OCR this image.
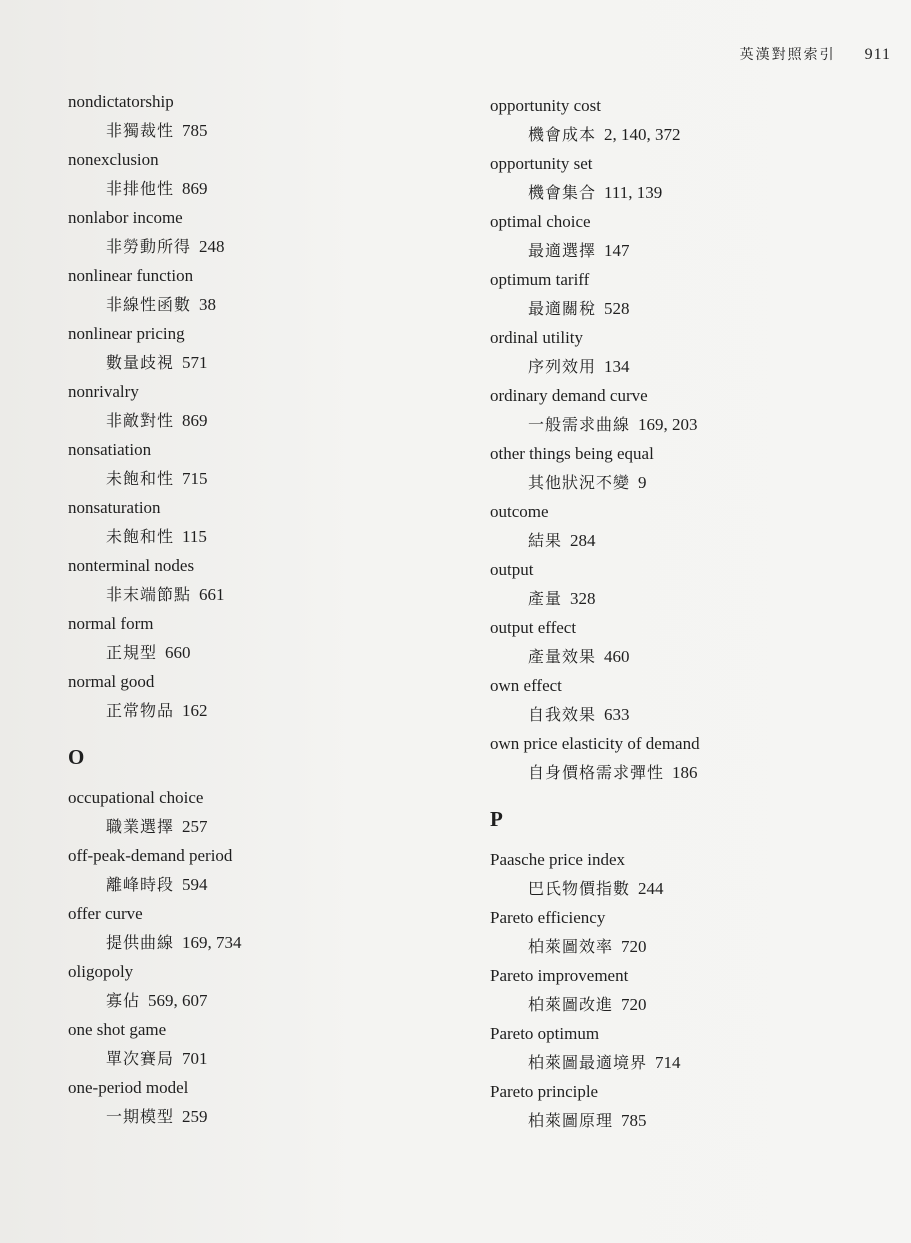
英漢對照索引 911
nondictatorship
非獨裁性 785
nonexclusion
非排他性 869
nonlabor income
非勞動所得 248
nonlinear function
非線性函數 38
nonlinear pricing
數量歧視 571
nonrivalry
非敵對性 869
nonsatiation
未飽和性 715
nonsaturation
未飽和性 115
nonterminal nodes
非末端節點 661
normal form
正規型 660
normal good
正常物品 162
O
occupational choice
職業選擇 257
off-peak-demand period
離峰時段 594
offer curve
提供曲線 169, 734
oligopoly
寡佔 569, 607
one shot game
單次賽局 701
one-period model
一期模型 259
opportunity cost
機會成本 2, 140, 372
opportunity set
機會集合 111, 139
optimal choice
最適選擇 147
optimum tariff
最適關稅 528
ordinal utility
序列效用 134
ordinary demand curve
一般需求曲線 169, 203
other things being equal
其他狀況不變 9
outcome
結果 284
output
產量 328
output effect
產量效果 460
own effect
自我效果 633
own price elasticity of demand
自身價格需求彈性 186
P
Paasche price index
巴氏物價指數 244
Pareto efficiency
柏萊圖效率 720
Pareto improvement
柏萊圖改進 720
Pareto optimum
柏萊圖最適境界 714
Pareto principle
柏萊圖原理 785
